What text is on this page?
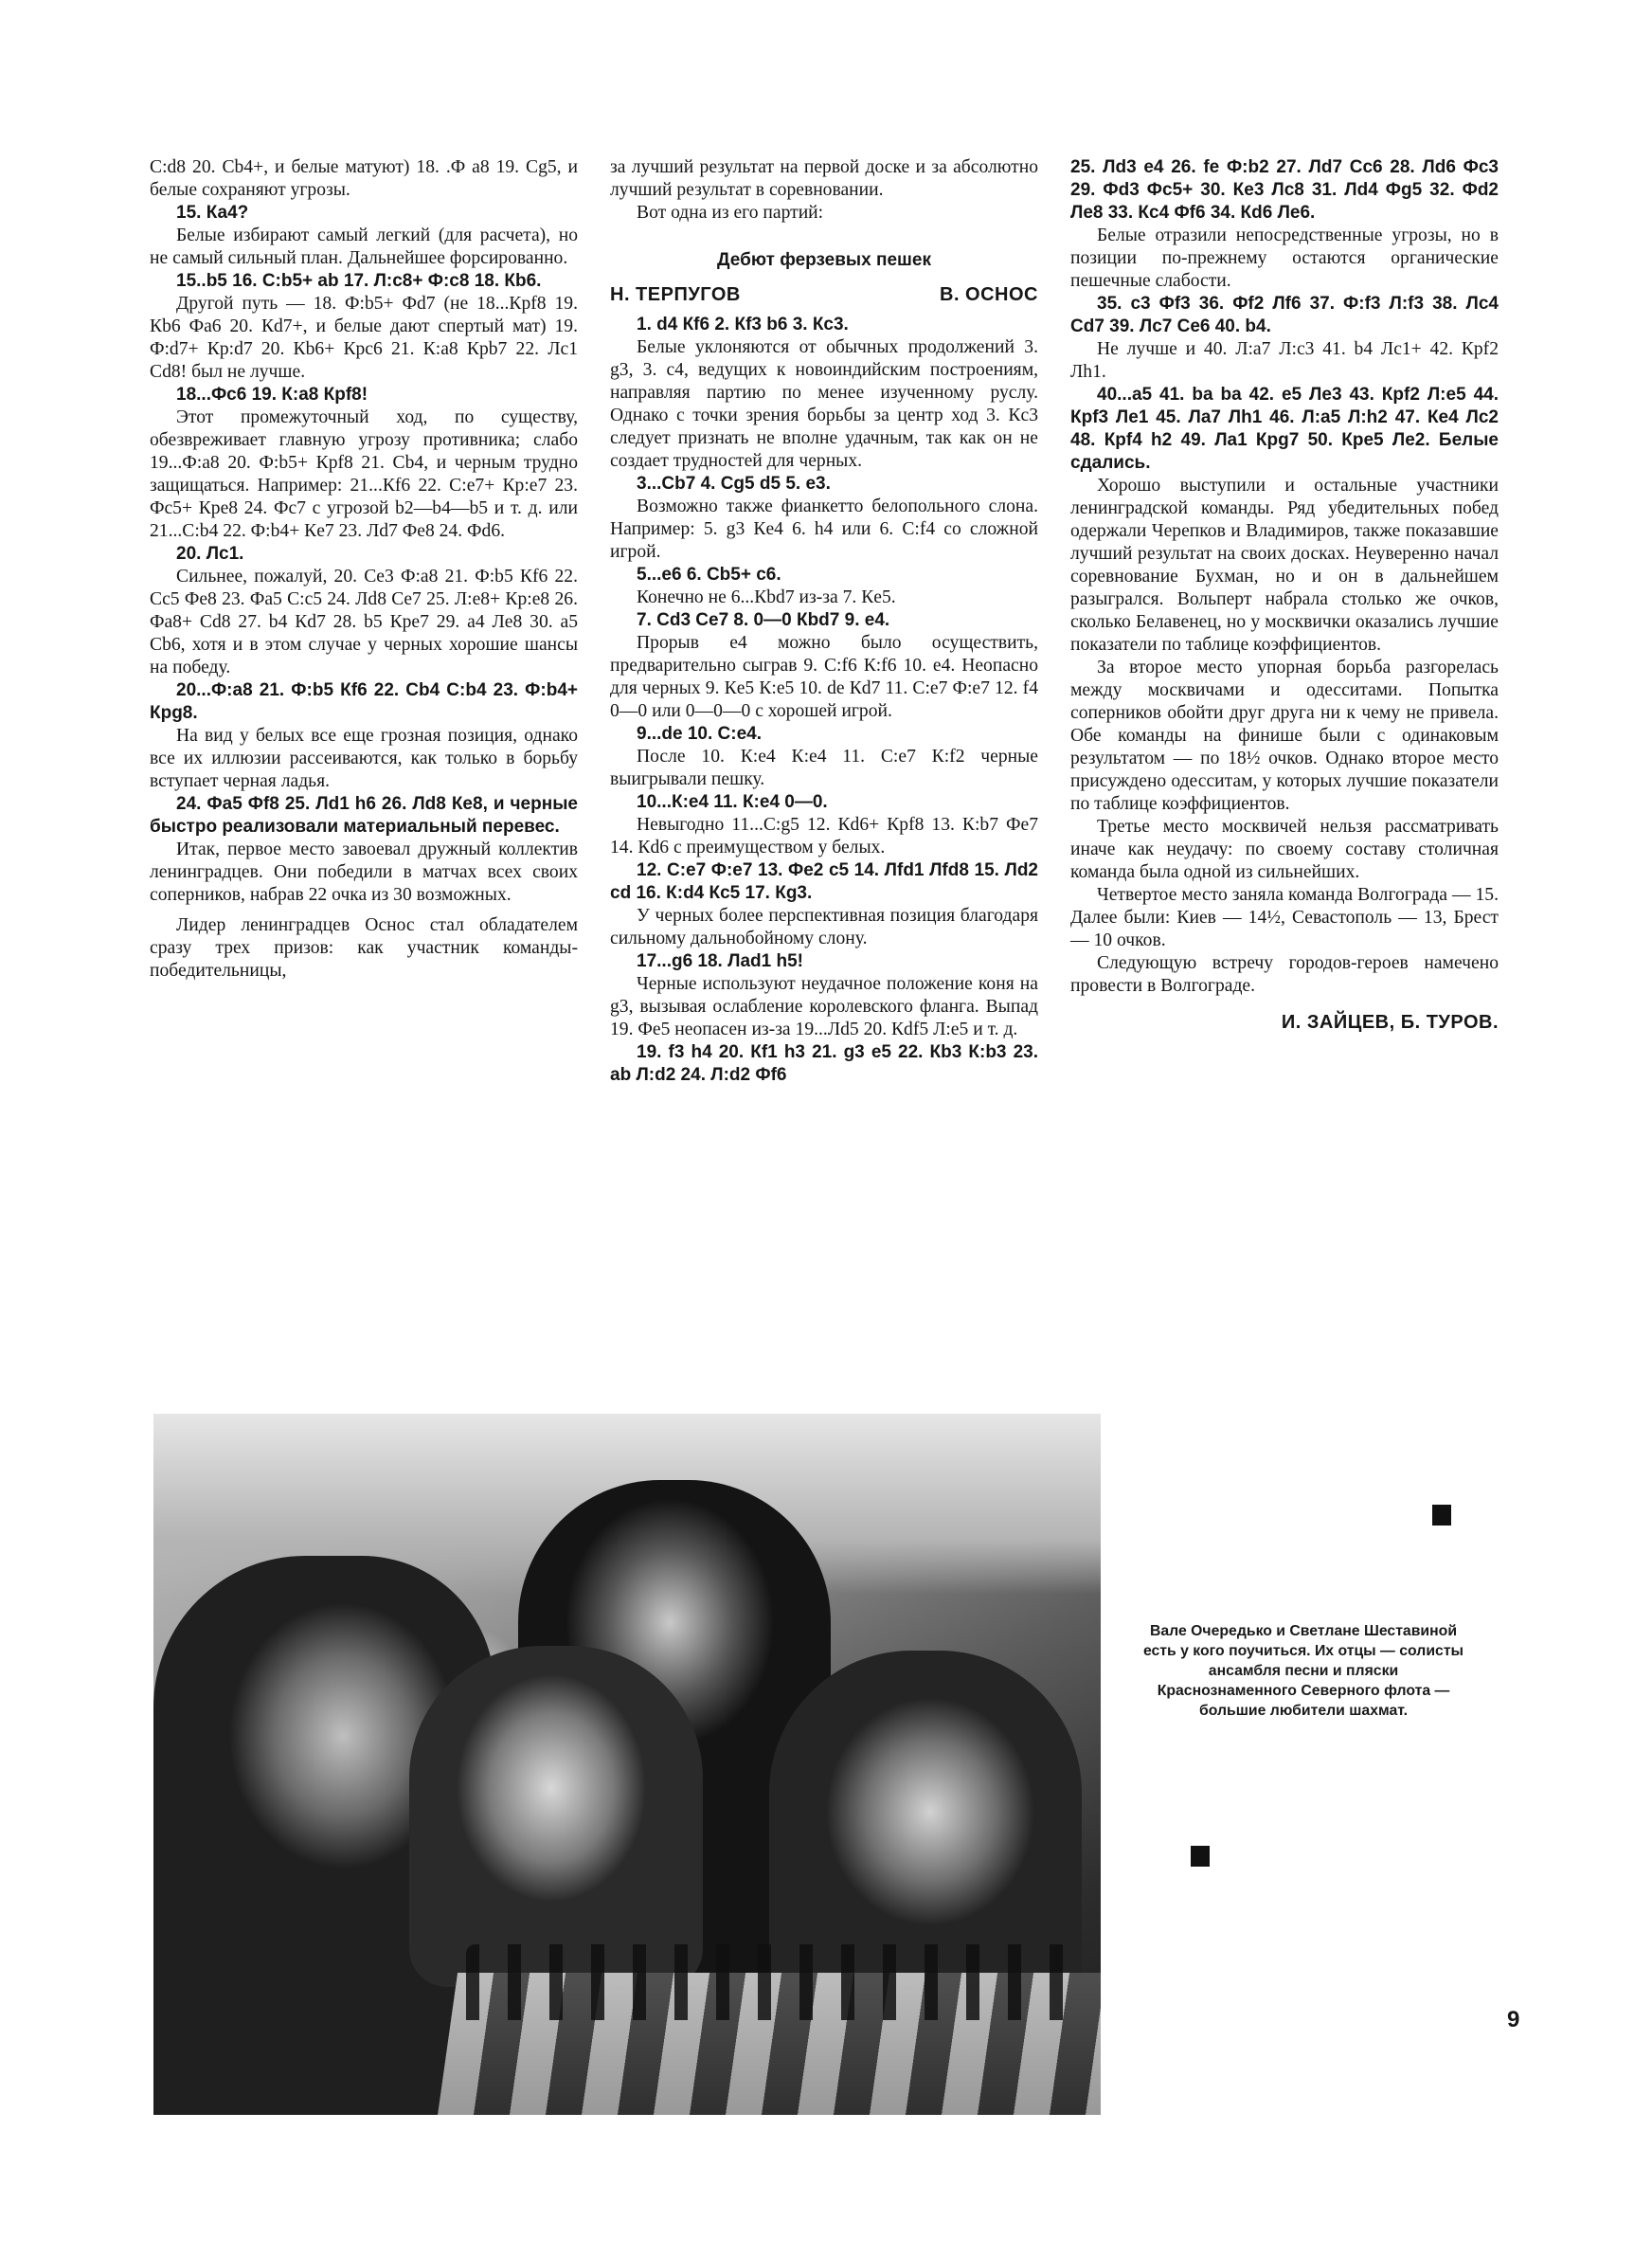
C:d8 20. Cb4+, и белые матуют) 18. .Ф a8 19. Cg5, и белые сохраняют угрозы.

15. Ка4?

Белые избирают самый легкий (для расчета), но не самый сильный план. Дальнейшее форсированно.

15..b5 16. C:b5+ ab 17. Л:c8+ Ф:c8 18. Кb6.

Другой путь — 18. Ф:b5+ Фd7 (не 18...Крf8 19. Кb6 Фa6 20. Кd7+, и белые дают спертый мат) 19. Ф:d7+ Кр:d7 20. Кb6+ Крc6 21. К:a8 Крb7 22. Лc1 Cd8! был не лучше.

18...Фc6 19. К:a8 Крf8!

Этот промежуточный ход, по существу, обезвреживает главную угрозу противника; слабо 19...Ф:a8 20. Ф:b5+ Крf8 21. Cb4, и черным трудно защищаться. Например: 21...Кf6 22. C:e7+ Кр:e7 23. Фc5+ Крe8 24. Фc7 с угрозой b2—b4—b5 и т. д. или 21...C:b4 22. Ф:b4+ Кe7 23. Лd7 Фe8 24. Фd6.

20. Лc1.

Сильнее, пожалуй, 20. Ce3 Ф:a8 21. Ф:b5 Кf6 22. Cc5 Фe8 23. Фa5 C:c5 24. Лd8 Ce7 25. Л:e8+ Кр:e8 26. Фa8+ Cd8 27. b4 Кd7 28. b5 Крe7 29. a4 Лe8 30. a5 Cb6, хотя и в этом случае у черных хорошие шансы на победу.

20...Ф:a8 21. Ф:b5 Кf6 22. Cb4 C:b4 23. Ф:b4+ Кpg8.

На вид у белых все еще грозная позиция, однако все их иллюзии рассеиваются, как только в борьбу вступает черная ладья.

24. Фa5 Фf8 25. Лd1 h6 26. Лd8 Кe8, и черные быстро реализовали материальный перевес.

Итак, первое место завоевал дружный коллектив ленинградцев. Они победили в матчах всех своих соперников, набрав 22 очка из 30 возможных.

Лидер ленинградцев Оснос стал обладателем сразу трех призов: как участник команды-победительницы,

за лучший результат на первой доске и за абсолютно лучший результат в соревновании.

Вот одна из его партий:

Дебют ферзевых пешек

Н. ТЕРПУГОВ	В. ОСНОС

1. d4 Кf6 2. Кf3 b6 3. Кc3.

Белые уклоняются от обычных продолжений 3. g3, 3. c4, ведущих к новоиндийским построениям, направляя партию по менее изученному руслу. Однако с точки зрения борьбы за центр ход 3. Кc3 следует признать не вполне удачным, так как он не создает трудностей для черных.

3...Cb7 4. Cg5 d5 5. e3.

Возможно также фианкетто белопольного слона. Например: 5. g3 Кe4 6. h4 или 6. C:f4 со сложной игрой.

5...e6 6. Cb5+ c6.

Конечно не 6...Кbd7 из-за 7. Кe5.

7. Cd3 Ce7 8. 0—0 Кbd7 9. e4.

Прорыв e4 можно было осуществить, предварительно сыграв 9. C:f6 К:f6 10. e4. Неопасно для черных 9. Кe5 К:e5 10. de Кd7 11. C:e7 Ф:e7 12. f4 0—0 или 0—0—0 с хорошей игрой.

9...de 10. C:e4.

После 10. К:e4 К:e4 11. C:e7 К:f2 черные выигрывали пешку.

10...К:e4 11. К:e4 0—0.

Невыгодно 11...C:g5 12. Кd6+ Крf8 13. К:b7 Фe7 14. Кd6 с преимуществом у белых.

12. C:e7 Ф:e7 13. Фe2 c5 14. Лfd1 Лfd8 15. Лd2 cd 16. К:d4 Кc5 17. Кg3.

У черных более перспективная позиция благодаря сильному дальнобойному слону.

17...g6 18. Лad1 h5!

Черные используют неудачное положение коня на g3, вызывая ослабление королевского фланга. Выпад 19. Фe5 неопасен из-за 19...Лd5 20. Кdf5 Л:e5 и т. д.

19. f3 h4 20. Кf1 h3 21. g3 e5 22. Кb3 К:b3 23. ab Л:d2 24. Л:d2 Фf6

25. Лd3 e4 26. fe Ф:b2 27. Лd7 Cc6 28. Лd6 Фc3 29. Фd3 Фc5+ 30. Кe3 Лc8 31. Лd4 Фg5 32. Фd2 Лe8 33. Кc4 Фf6 34. Кd6 Лe6.

Белые отразили непосредственные угрозы, но в позиции по-прежнему остаются органические пешечные слабости.

35. c3 Фf3 36. Фf2 Лf6 37. Ф:f3 Л:f3 38. Лc4 Cd7 39. Лc7 Ce6 40. b4.

Не лучше и 40. Л:a7 Л:c3 41. b4 Лc1+ 42. Крf2 Лh1.

40...a5 41. ba ba 42. e5 Лe3 43. Крf2 Л:e5 44. Крf3 Лe1 45. Лa7 Лh1 46. Л:a5 Л:h2 47. Кe4 Лc2 48. Крf4 h2 49. Лa1 Крg7 50. Крe5 Лe2. Белые сдались.

Хорошо выступили и остальные участники ленинградской команды. Ряд убедительных побед одержали Черепков и Владимиров, также показавшие лучший результат на своих досках. Неуверенно начал соревнование Бухман, но и он в дальнейшем разыгрался. Вольперт набрала столько же очков, сколько Белавенец, но у москвички оказались лучшие показатели по таблице коэффициентов.

За второе место упорная борьба разгорелась между москвичами и одесситами. Попытка соперников обойти друг друга ни к чему не привела. Обе команды на финише были с одинаковым результатом — по 18½ очков. Однако второе место присуждено одесситам, у которых лучшие показатели по таблице коэффициентов.

Третье место москвичей нельзя рассматривать иначе как неудачу: по своему составу столичная команда была одной из сильнейших.

Четвертое место заняла команда Волгограда — 15. Далее были: Киев — 14½, Севастополь — 13, Брест — 10 очков.

Следующую встречу городов-героев намечено провести в Волгограде.

И. ЗАЙЦЕВ, Б. ТУРОВ.

Вале Очередько и Светлане Шеставиной есть у кого поучиться. Их отцы — солисты ансамбля песни и пляски Краснознаменного Северного флота — большие любители шахмат.
9
